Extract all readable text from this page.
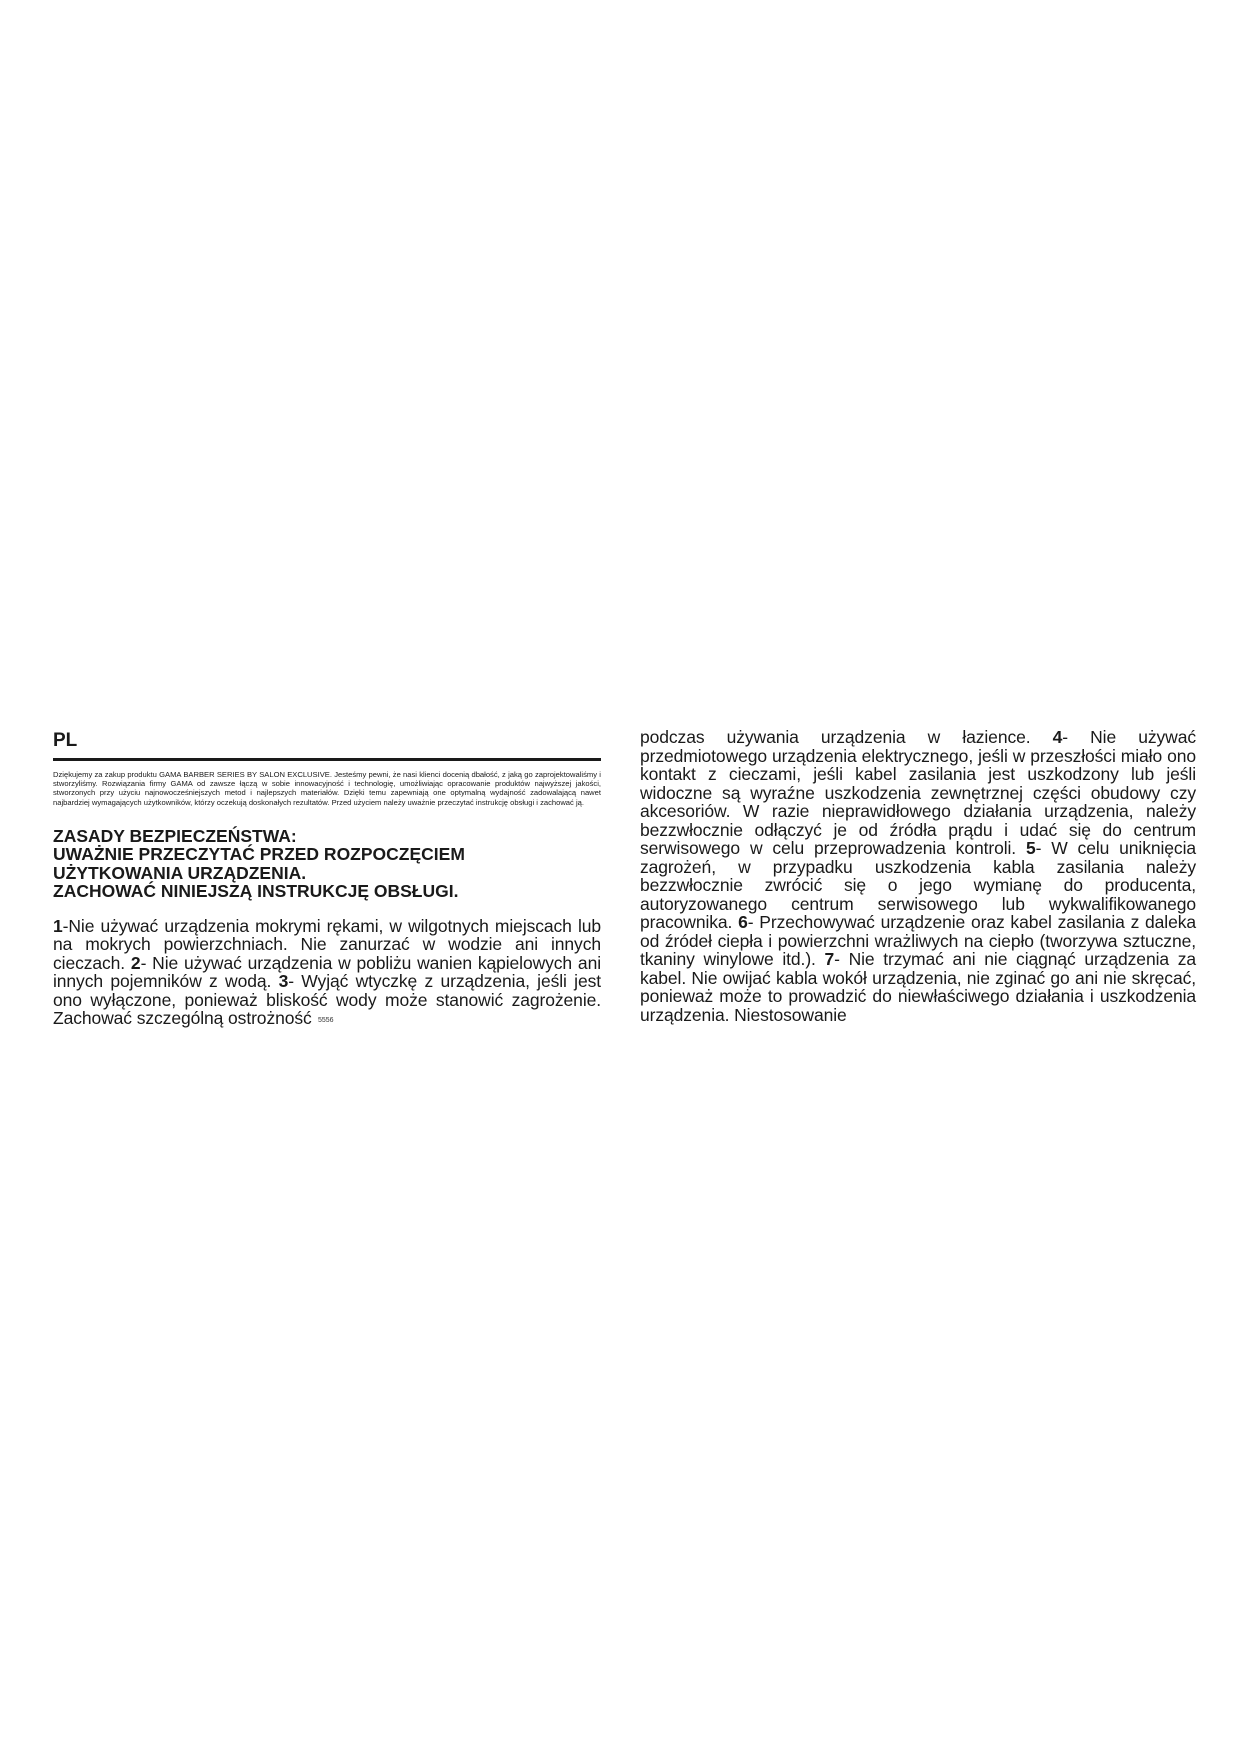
PL

Dziękujemy za zakup produktu GAMA BARBER SERIES BY SALON EXCLUSIVE. Jesteśmy pewni, że nasi klienci docenią dbałość, z jaką go zaprojektowaliśmy i stworzyliśmy. Rozwiązania firmy GAMA od zawsze łączą w sobie innowacyjność i technologię, umożliwiając opracowanie produktów najwyższej jakości, stworzonych przy użyciu najnowocześniejszych metod i najlepszych materiałów. Dzięki temu zapewniają one optymalną wydajność zadowalającą nawet najbardziej wymagających użytkowników, którzy oczekują doskonałych rezultatów. Przed użyciem należy uważnie przeczytać instrukcję obsługi i zachować ją.

ZASADY BEZPIECZEŃSTWA:
UWAŻNIE PRZECZYTAĆ PRZED ROZPOCZĘCIEM
UŻYTKOWANIA URZĄDZENIA.
ZACHOWAĆ NINIEJSZĄ INSTRUKCJĘ OBSŁUGI.

1-Nie używać urządzenia mokrymi rękami, w wilgotnych miejscach lub na mokrych powierzchniach. Nie zanurzać w wodzie ani innych cieczach. 2- Nie używać urządzenia w pobliżu wanien kąpielowych ani innych pojemników z wodą. 3- Wyjąć wtyczkę z urządzenia, jeśli jest ono wyłączone, ponieważ bliskość wody może stanowić zagrożenie. Zachować szczególną ostrożność 5556

podczas używania urządzenia w łazience. 4- Nie używać przedmiotowego urządzenia elektrycznego, jeśli w przeszłości miało ono kontakt z cieczami, jeśli kabel zasilania jest uszkodzony lub jeśli widoczne są wyraźne uszkodzenia zewnętrznej części obudowy czy akcesoriów. W razie nieprawidłowego działania urządzenia, należy bezzwłocznie odłączyć je od źródła prądu i udać się do centrum serwisowego w celu przeprowadzenia kontroli. 5- W celu uniknięcia zagrożeń, w przypadku uszkodzenia kabla zasilania należy bezzwłocznie zwrócić się o jego wymianę do producenta, autoryzowanego centrum serwisowego lub wykwalifikowanego pracownika. 6- Przechowywać urządzenie oraz kabel zasilania z daleka od źródeł ciepła i powierzchni wrażliwych na ciepło (tworzywa sztuczne, tkaniny winylowe itd.). 7- Nie trzymać ani nie ciągnąć urządzenia za kabel. Nie owijać kabla wokół urządzenia, nie zginać go ani nie skręcać, ponieważ może to prowadzić do niewłaściwego działania i uszkodzenia urządzenia. Niestosowanie
